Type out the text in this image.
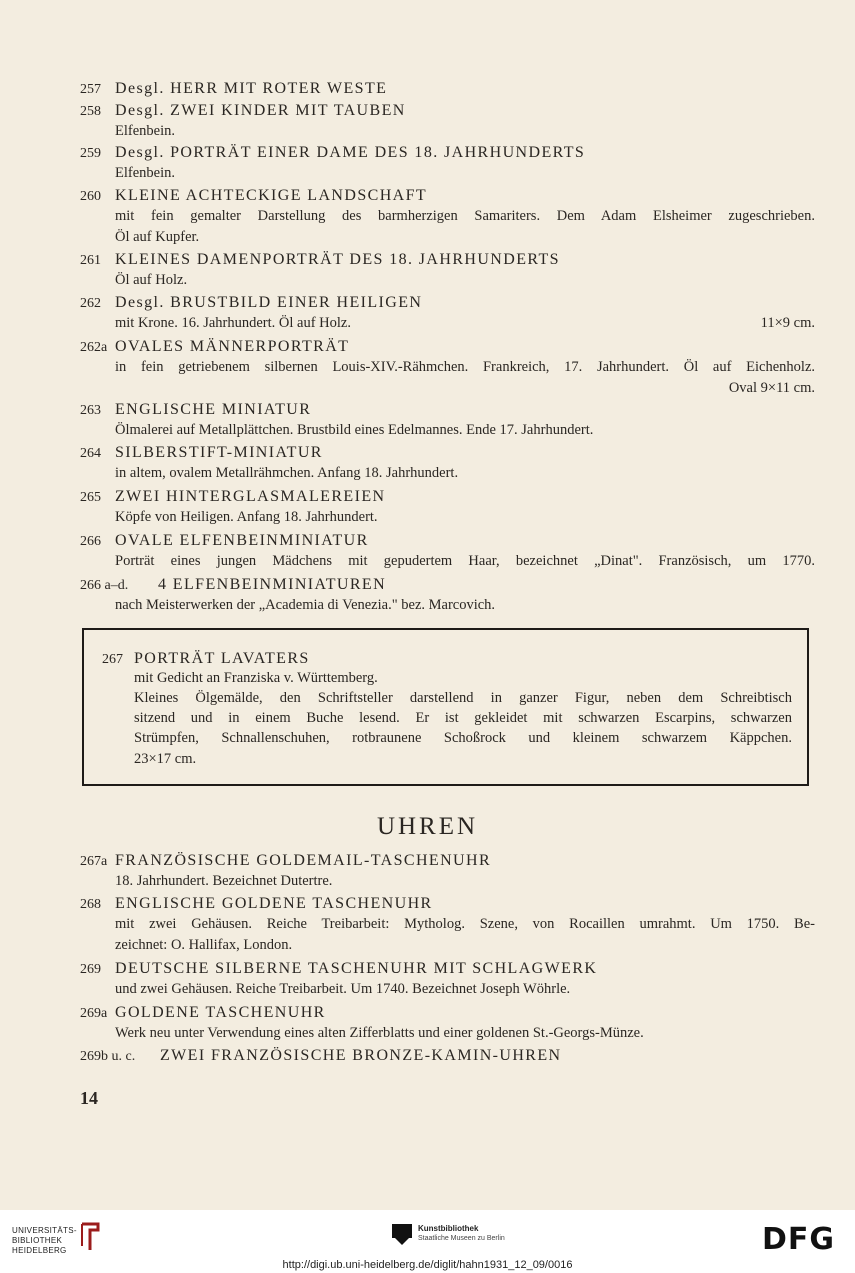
257 Desgl. HERR MIT ROTER WESTE
258 Desgl. ZWEI KINDER MIT TAUBEN
Elfenbein.
259 Desgl. PORTRÄT EINER DAME DES 18. JAHRHUNDERTS
Elfenbein.
260 KLEINE ACHTECKIGE LANDSCHAFT
mit fein gemalter Darstellung des barmherzigen Samariters. Dem Adam Elsheimer zugeschrieben.
Öl auf Kupfer.
261 KLEINES DAMENPORTRÄT DES 18. JAHRHUNDERTS
Öl auf Holz.
262 Desgl. BRUSTBILD EINER HEILIGEN
mit Krone. 16. Jahrhundert. Öl auf Holz.	11×9 cm.
262a OVALES MÄNNERPORTRÄT
in fein getriebenem silbernen Louis-XIV.-Rähmchen. Frankreich, 17. Jahrhundert. Öl auf Eichenholz.
Oval 9×11 cm.
263 ENGLISCHE MINIATUR
Ölmalerei auf Metallplättchen. Brustbild eines Edelmannes. Ende 17. Jahrhundert.
264 SILBERSTIFT-MINIATUR
in altem, ovalem Metallrähmchen. Anfang 18. Jahrhundert.
265 ZWEI HINTERGLASMALEREIEN
Köpfe von Heiligen. Anfang 18. Jahrhundert.
266 OVALE ELFENBEINMINIATUR
Porträt eines jungen Mädchens mit gepudertem Haar, bezeichnet „Dinat". Französisch, um 1770.
266 a–d. 4 ELFENBEINMINIATUREN
nach Meisterwerken der „Academia di Venezia." bez. Marcovich.
267 PORTRÄT LAVATERS
mit Gedicht an Franziska v. Württemberg.
Kleines Ölgemälde, den Schriftsteller darstellend in ganzer Figur, neben dem Schreibtisch
sitzend und in einem Buche lesend. Er ist gekleidet mit schwarzen Escarpins, schwarzen
Strümpfen, Schnallenschuhen, rotbraunene Schoßrock und kleinem schwarzem Käppchen.
23×17 cm.
UHREN
267a FRANZÖSISCHE GOLDEMAIL-TASCHENUHR
18. Jahrhundert. Bezeichnet Dutertre.
268 ENGLISCHE GOLDENE TASCHENUHR
mit zwei Gehäusen. Reiche Treibarbeit: Mytholog. Szene, von Rocaillen umrahmt. Um 1750. Be-
zeichnet: O. Hallifax, London.
269 DEUTSCHE SILBERNE TASCHENUHR MIT SCHLAGWERK
und zwei Gehäusen. Reiche Treibarbeit. Um 1740. Bezeichnet Joseph Wöhrle.
269a GOLDENE TASCHENUHR
Werk neu unter Verwendung eines alten Zifferblatts und einer goldenen St.-Georgs-Münze.
269b u. c. ZWEI FRANZÖSISCHE BRONZE-KAMIN-UHREN
14
UNIVERSITÄTS-
BIBLIOTHEK
HEIDELBERG
Kunstbibliothek
Staatliche Museen zu Berlin	DFG
http://digi.ub.uni-heidelberg.de/diglit/hahn1931_12_09/0016
